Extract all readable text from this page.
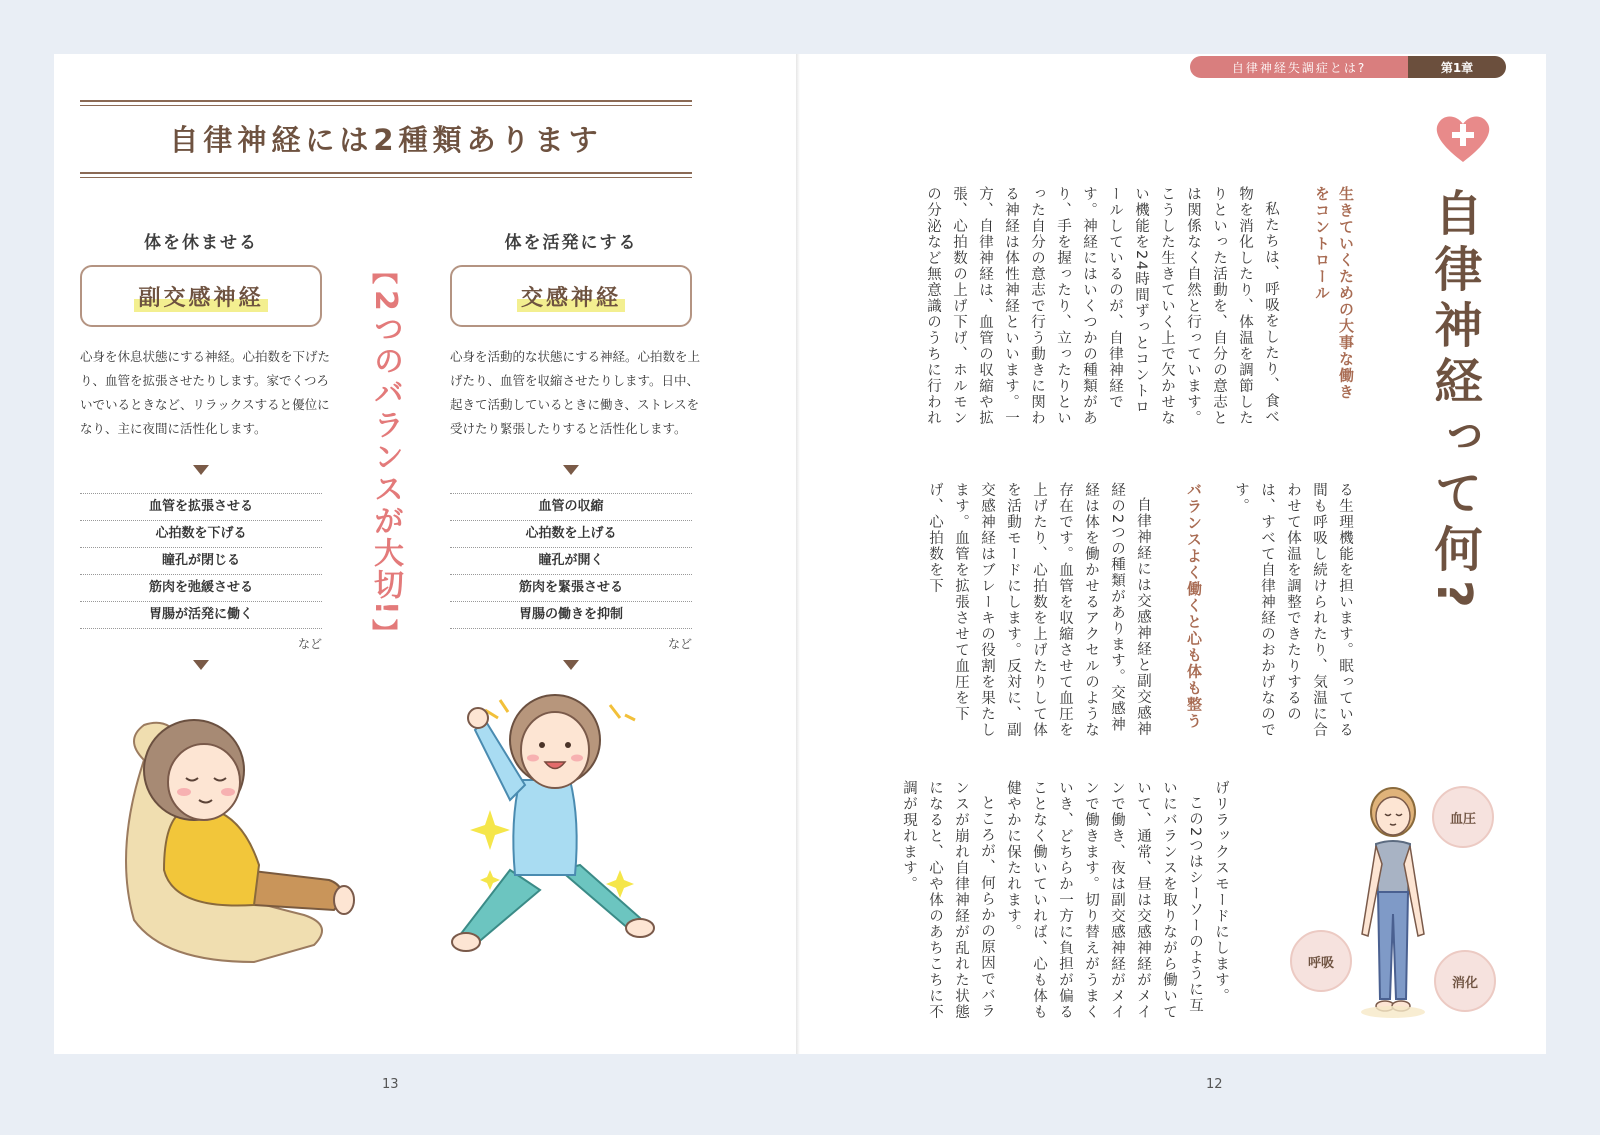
自律神経には2種類あります
体を休ませる
副交感神経
心身を休息状態にする神経。心拍数を下げたり、血管を拡張させたりします。家でくつろいでいるときなど、リラックスすると優位になり、主に夜間に活性化します。
血管を拡張させる
心拍数を下げる
瞳孔が閉じる
筋肉を弛緩させる
胃腸が活発に働く
など
体を活発にする
交感神経
心身を活動的な状態にする神経。心拍数を上げたり、血管を収縮させたりします。日中、起きて活動しているときに働き、ストレスを受けたり緊張したりすると活性化します。
血管の収縮
心拍数を上げる
瞳孔が開く
筋肉を緊張させる
胃腸の働きを抑制
など
︻
2つのバランスが大切!
︼
13
自律神経失調症とは?	第1章
自律神経って何?
生きていくための大事な働きをコントロール

私たちは、呼吸をしたり、食べ物を消化したり、体温を調節したりといった活動を、自分の意志とは関係なく自然と行っています。こうした生きていく上で欠かせない機能を24時間ずっとコントロールしているのが、自律神経です。神経にはいくつかの種類があり、手を握ったり、立ったりといった自分の意志で行う動きに関わる神経は体性神経といいます。一方、自律神経は、血管の収縮や拡張、心拍数の上げ下げ、ホルモンの分泌など無意識のうちに行われ

る生理機能を担います。眠っている間も呼吸し続けられたり、気温に合わせて体温を調整できたりするのは、すべて自律神経のおかげなのです。
バランスよく働くと心も体も整う

自律神経には交感神経と副交感神経の2つの種類があります。交感神経は体を働かせるアクセルのような存在です。血管を収縮させて血圧を上げたり、心拍数を上げたりして体を活動モードにします。反対に、副交感神経はブレーキの役割を果たします。血管を拡張させて血圧を下げ、心拍数を下

げリラックスモードにします。

この2つはシーソーのように互いにバランスを取りながら働いていて、通常、昼は交感神経がメインで働き、夜は副交感神経がメインで働きます。切り替えがうまくいき、どちらか一方に負担が偏ることなく働いていれば、心も体も健やかに保たれます。

ところが、何らかの原因でバランスが崩れ自律神経が乱れた状態になると、心や体のあちこちに不調が現れます。	血圧
呼吸
消化
12
